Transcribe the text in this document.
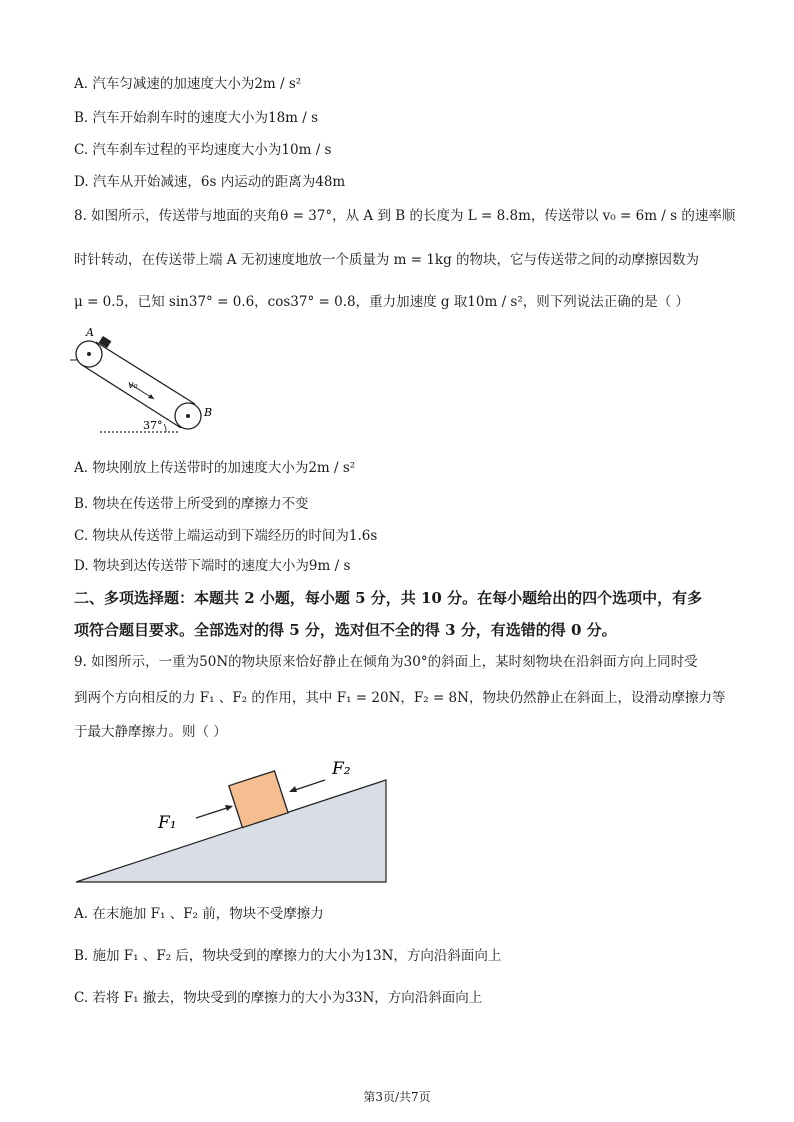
A. 汽车匀减速的加速度大小为2m / s²
B. 汽车开始刹车时的速度大小为18m / s
C. 汽车刹车过程的平均速度大小为10m / s
D. 汽车从开始减速，6s 内运动的距离为48m
8. 如图所示，传送带与地面的夹角θ = 37°，从 A 到 B 的长度为 L = 8.8m，传送带以 v₀ = 6m / s 的速率顺
时针转动，在传送带上端 A 无初速度地放一个质量为 m = 1kg 的物块，它与传送带之间的动摩擦因数为
μ = 0.5，已知 sin37° = 0.6，cos37° = 0.8，重力加速度 g 取10m / s²，则下列说法正确的是（ ）
A
B
v₀
37°
A. 物块刚放上传送带时的加速度大小为2m / s²
B. 物块在传送带上所受到的摩擦力不变
C. 物块从传送带上端运动到下端经历的时间为1.6s
D. 物块到达传送带下端时的速度大小为9m / s
二、多项选择题：本题共 2 小题，每小题 5 分，共 10 分。在每小题给出的四个选项中，有多
项符合题目要求。全部选对的得 5 分，选对但不全的得 3 分，有选错的得 0 分。
9. 如图所示，一重为50N的物块原来恰好静止在倾角为30°的斜面上，某时刻物块在沿斜面方向上同时受
到两个方向相反的力 F₁ 、F₂ 的作用，其中 F₁ = 20N，F₂ = 8N，物块仍然静止在斜面上，设滑动摩擦力等
于最大静摩擦力。则（ ）
F₁
F₂
A. 在末施加 F₁ 、F₂ 前，物块不受摩擦力
B. 施加 F₁ 、F₂ 后，物块受到的摩擦力的大小为13N，方向沿斜面向上
C. 若将 F₁ 撤去，物块受到的摩擦力的大小为33N，方向沿斜面向上
第3页/共7页
